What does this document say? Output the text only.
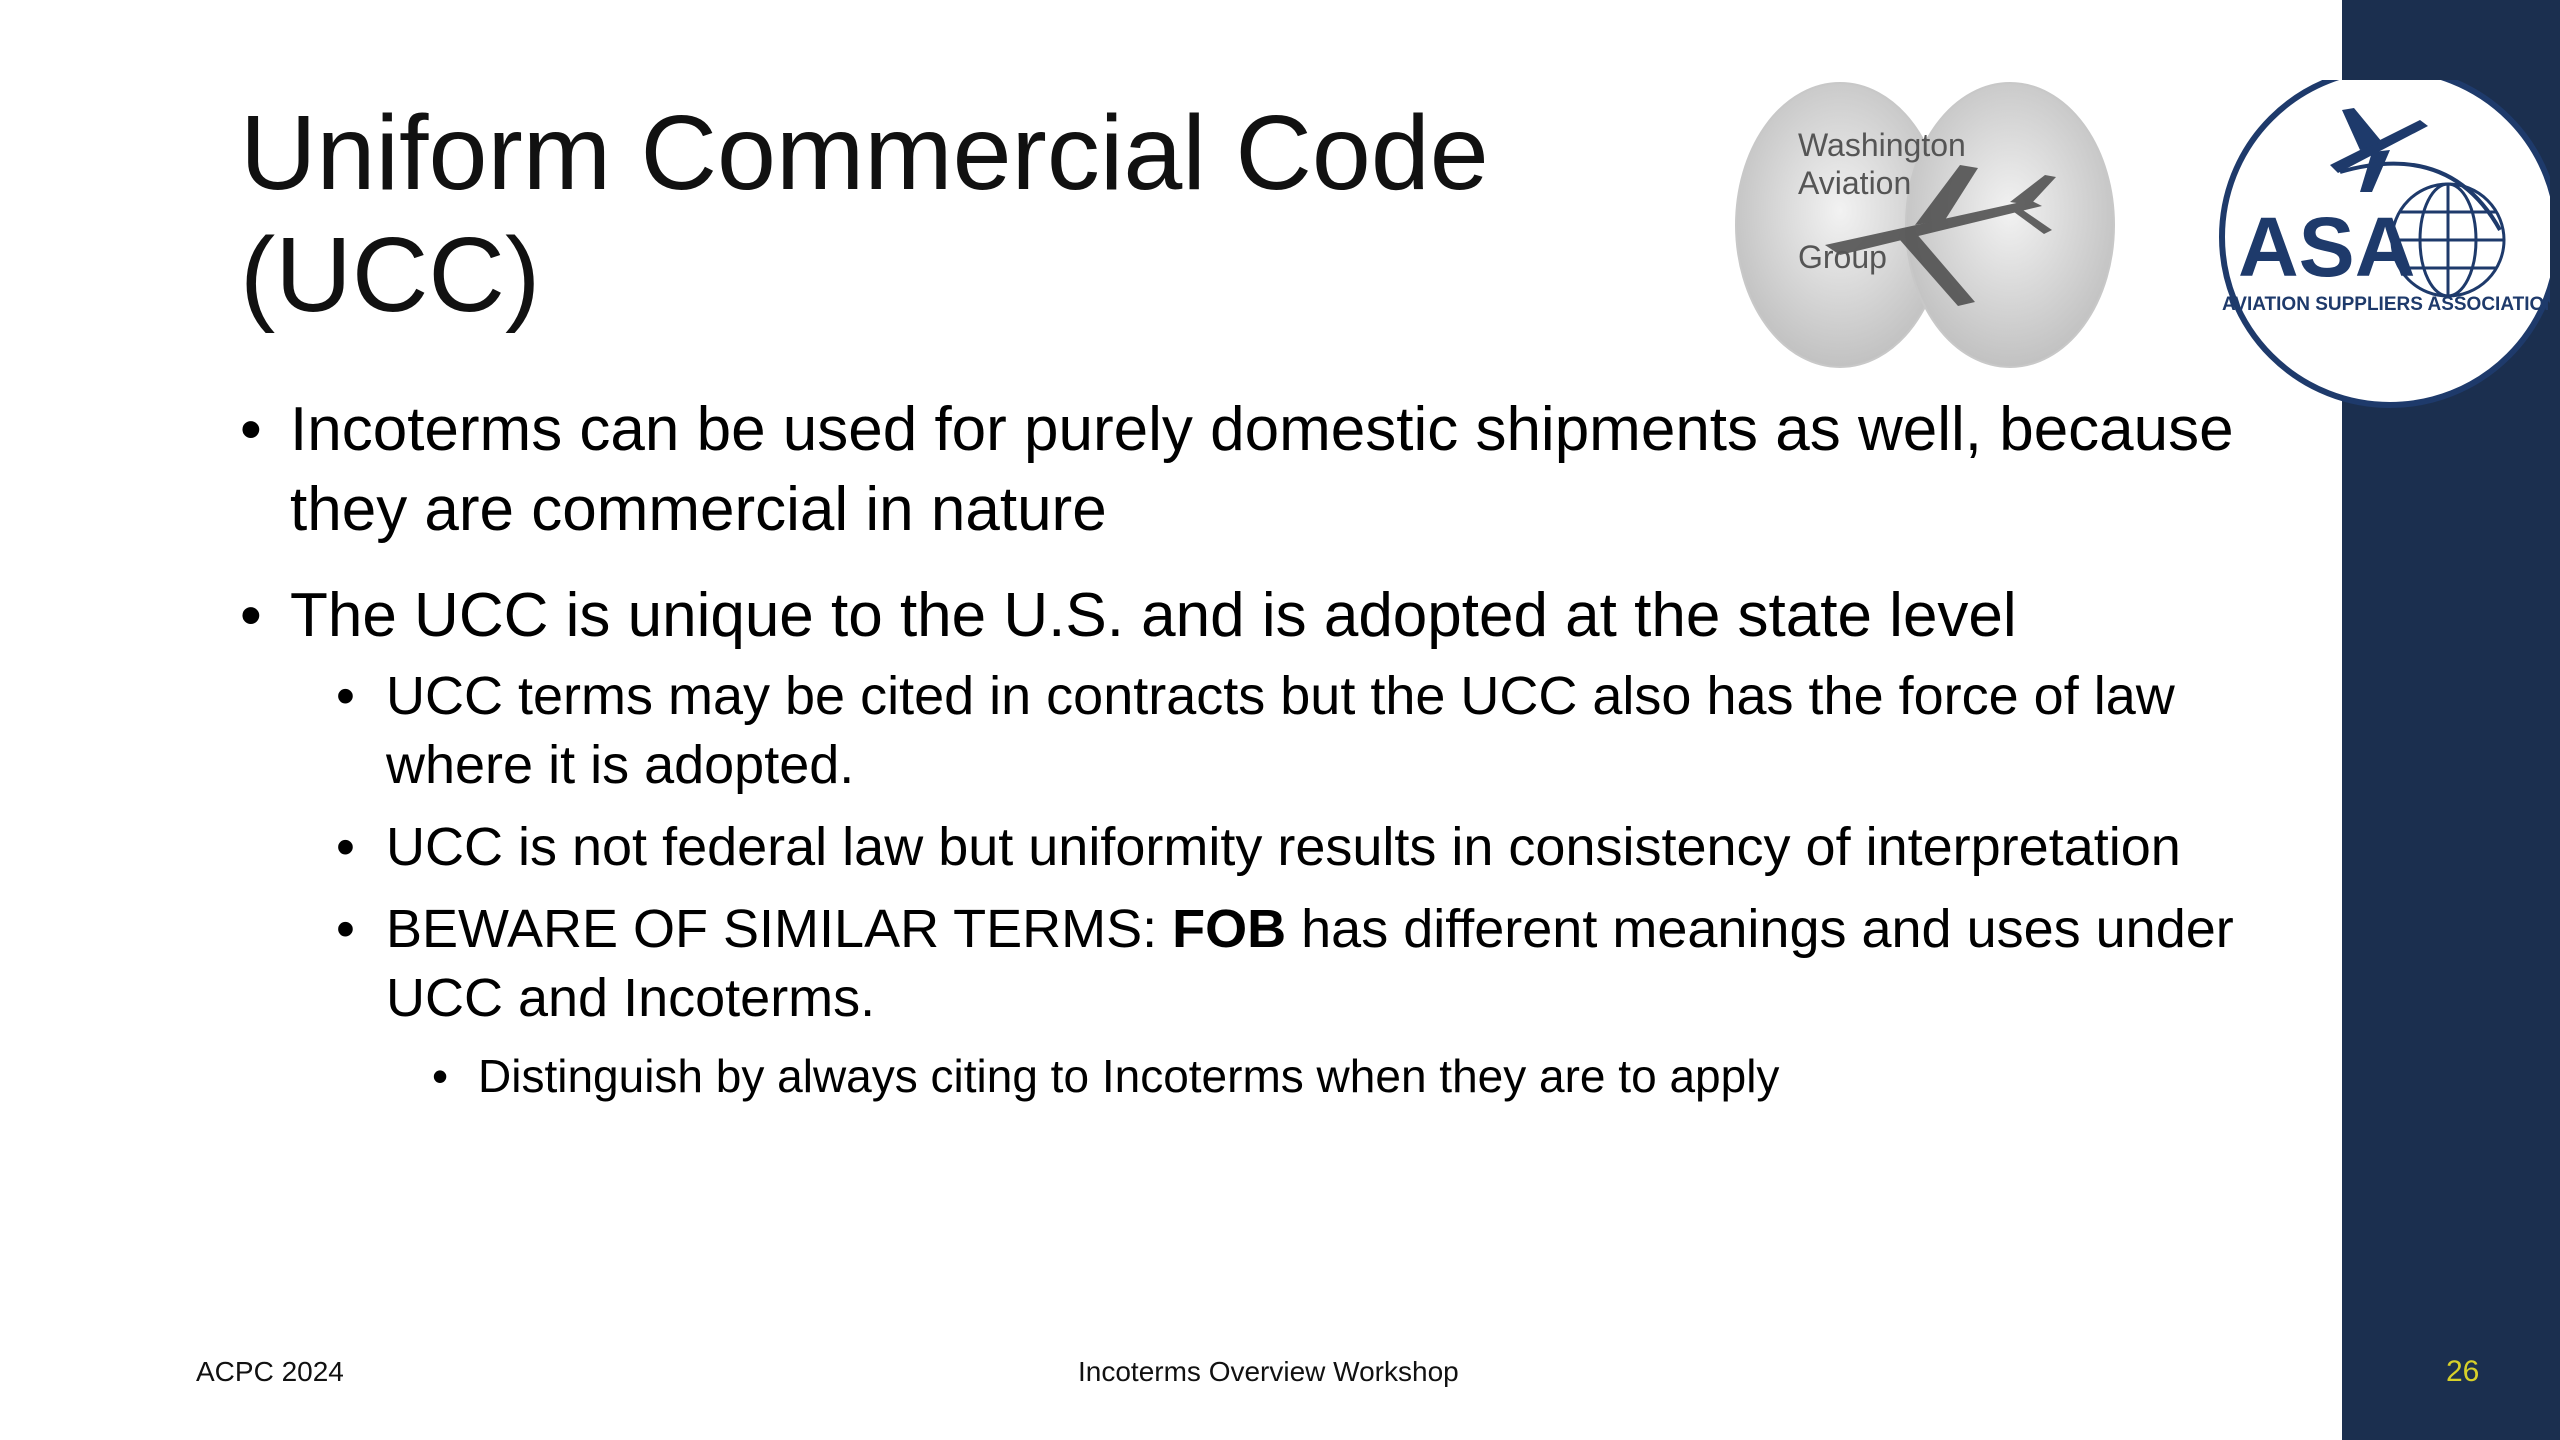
Uniform Commercial Code
(UCC)
Washington
Aviation
Group	ASA
AVIATION SUPPLIERS ASSOCIATION
• Incoterms can be used for purely domestic shipments as well, because they are commercial in nature
• The UCC is unique to the U.S. and is adopted at the state level
• UCC terms may be cited in contracts but the UCC also has the force of law where it is adopted.
• UCC is not federal law but uniformity results in consistency of interpretation
• BEWARE OF SIMILAR TERMS: FOB has different meanings and uses under UCC and Incoterms.
• Distinguish by always citing to Incoterms when they are to apply
ACPC 2024	Incoterms Overview Workshop	26
